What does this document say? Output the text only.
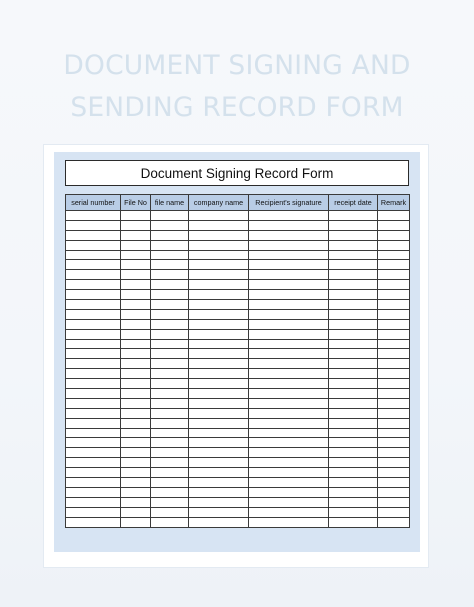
DOCUMENT SIGNING AND
SENDING RECORD FORM
Document Signing Record Form
serial number	File No	file name	company name	Recipient's signature	receipt date	Remark
